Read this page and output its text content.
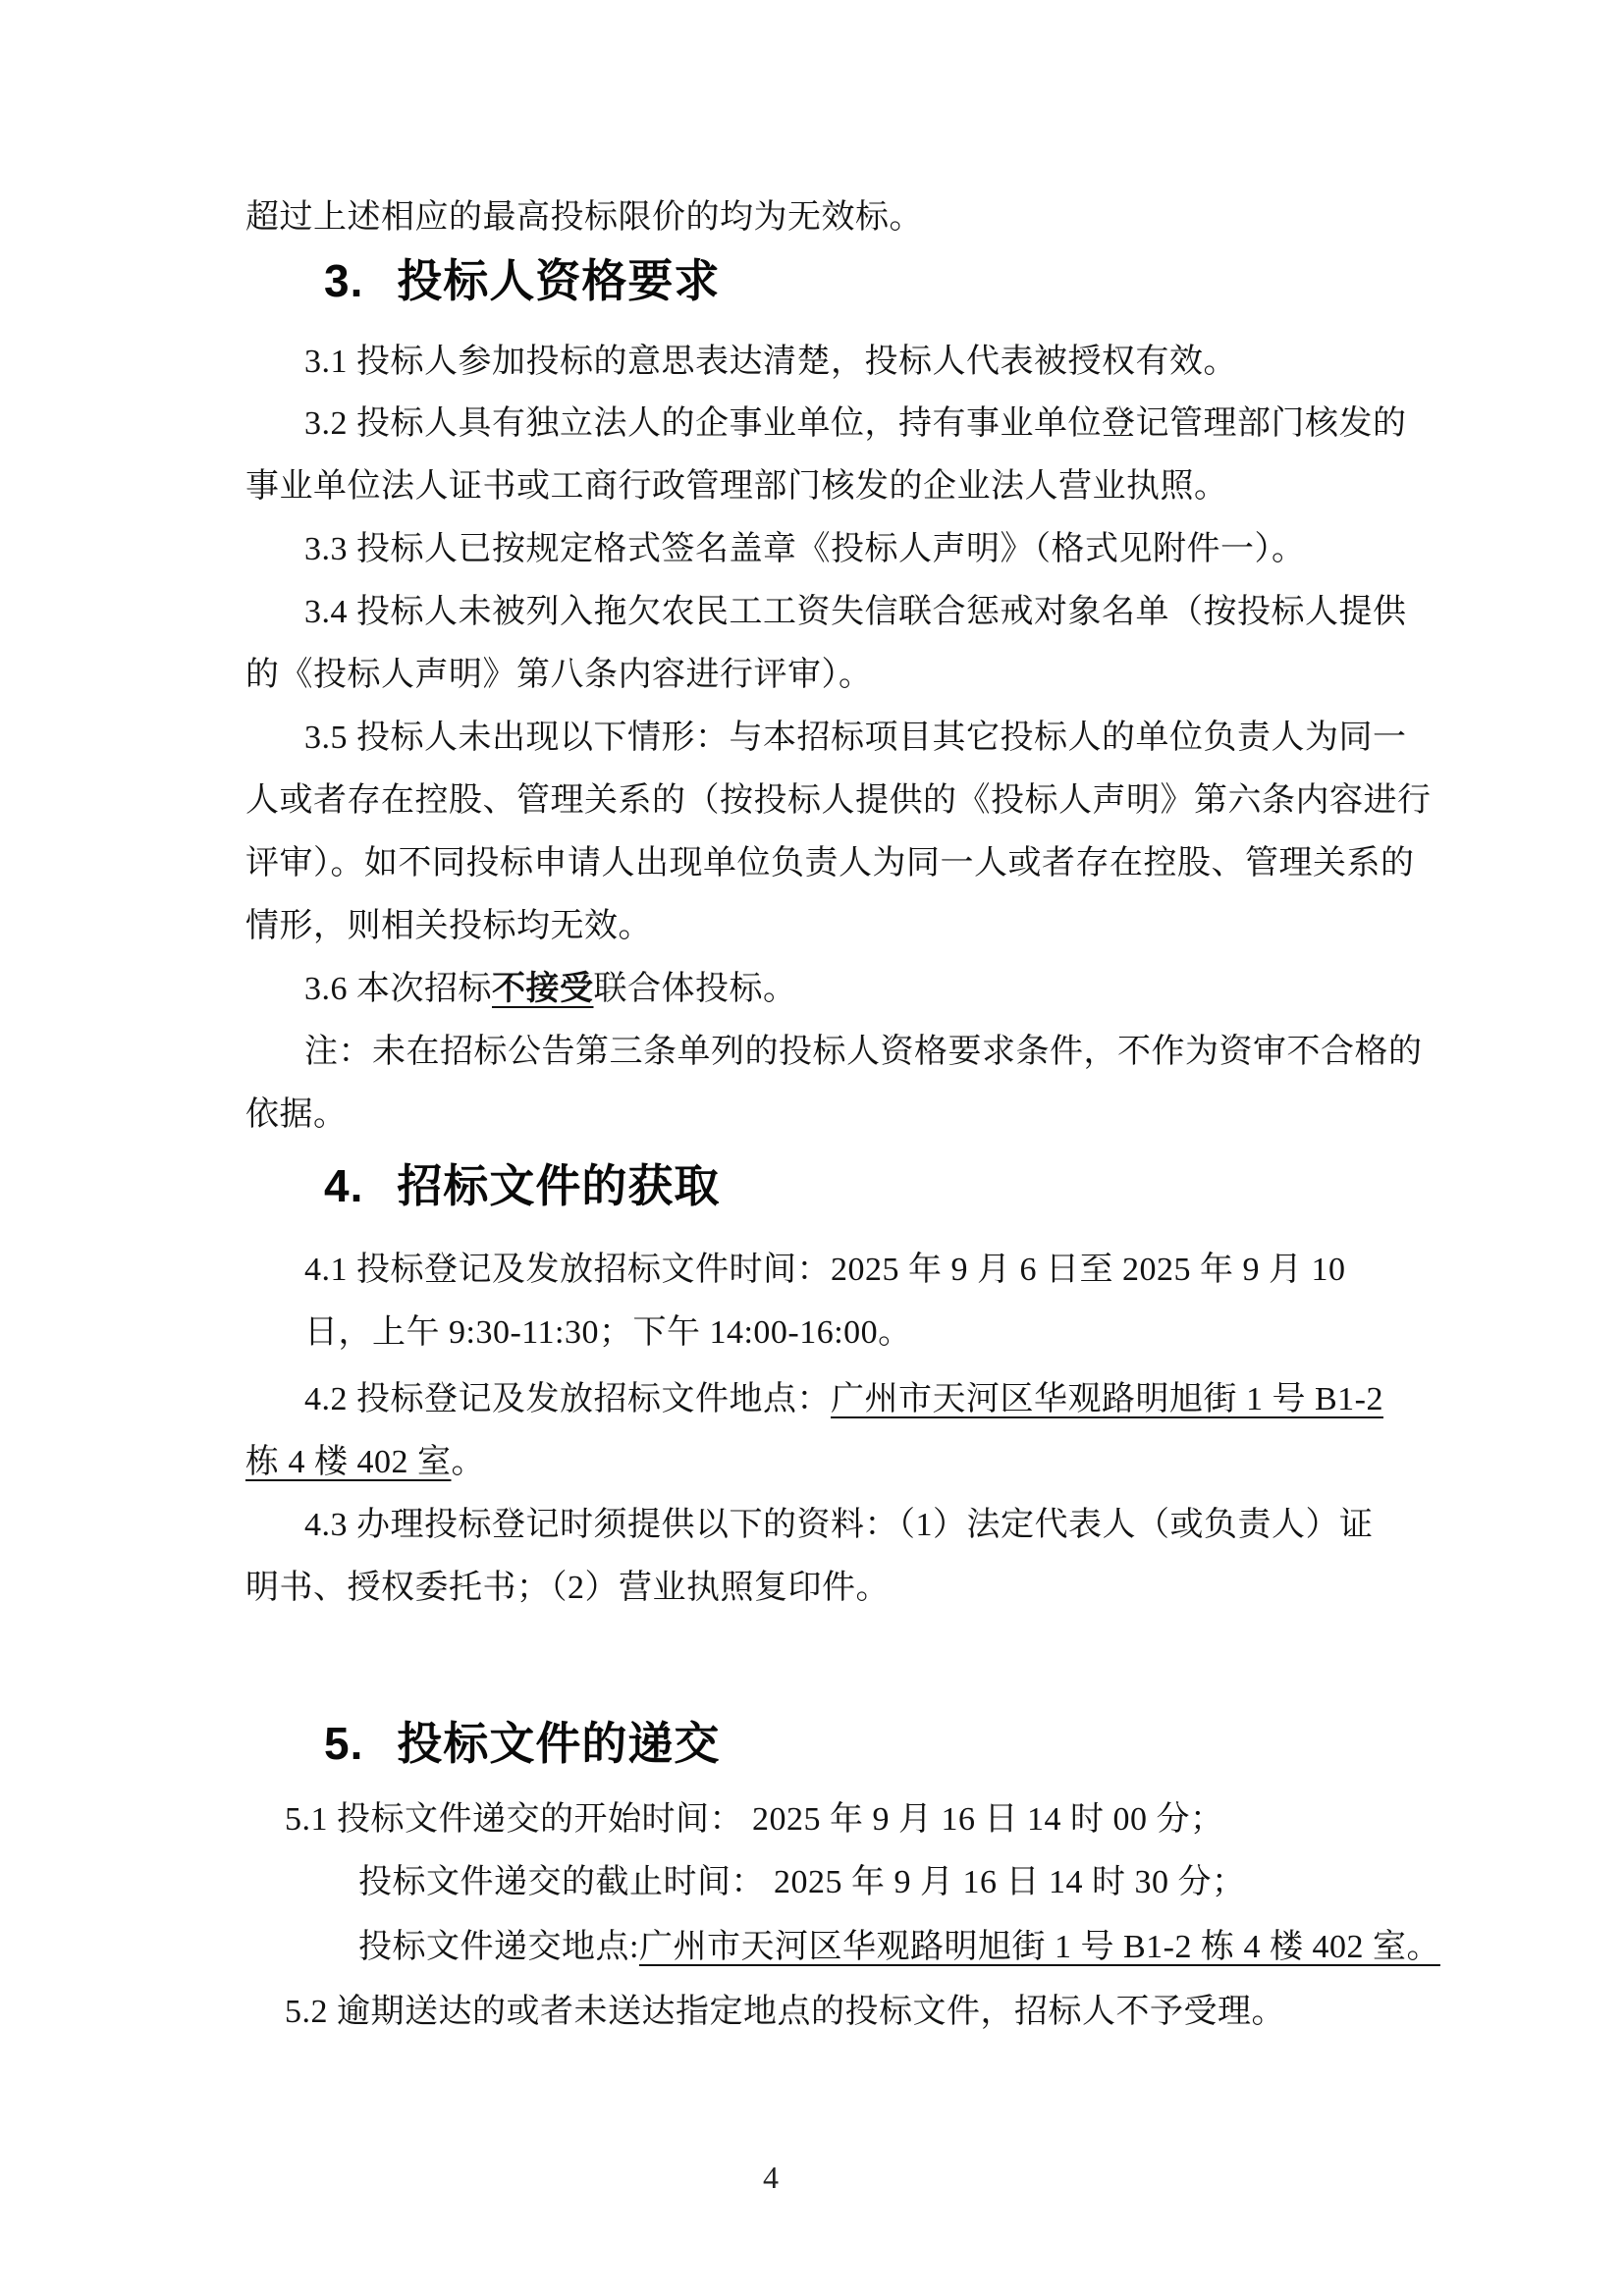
超过上述相应的最高投标限价的均为无效标。
3. 投标人资格要求
3.1 投标人参加投标的意思表达清楚，投标人代表被授权有效。
3.2 投标人具有独立法人的企事业单位，持有事业单位登记管理部门核发的
事业单位法人证书或工商行政管理部门核发的企业法人营业执照。
3.3 投标人已按规定格式签名盖章《投标人声明》（格式见附件一）。
3.4 投标人未被列入拖欠农民工工资失信联合惩戒对象名单（按投标人提供
的《投标人声明》第八条内容进行评审）。
3.5 投标人未出现以下情形：与本招标项目其它投标人的单位负责人为同一
人或者存在控股、管理关系的（按投标人提供的《投标人声明》第六条内容进行
评审）。如不同投标申请人出现单位负责人为同一人或者存在控股、管理关系的
情形，则相关投标均无效。
3.6 本次招标不接受联合体投标。
注：未在招标公告第三条单列的投标人资格要求条件，不作为资审不合格的
依据。
4. 招标文件的获取
4.1 投标登记及发放招标文件时间：2025 年 9 月 6 日至 2025 年 9 月 10
日，上午 9:30-11:30；下午 14:00-16:00。
4.2 投标登记及发放招标文件地点：广州市天河区华观路明旭街 1 号 B1-2
栋 4 楼 402 室。
4.3 办理投标登记时须提供以下的资料：（1）法定代表人（或负责人）证
明书、授权委托书；（2）营业执照复印件。
5. 投标文件的递交
5.1 投标文件递交的开始时间： 2025 年 9 月 16 日 14 时 00 分；
投标文件递交的截止时间： 2025 年 9 月 16 日 14 时 30 分；
投标文件递交地点:广州市天河区华观路明旭街 1 号 B1-2 栋 4 楼 402 室。
5.2 逾期送达的或者未送达指定地点的投标文件，招标人不予受理。
4
